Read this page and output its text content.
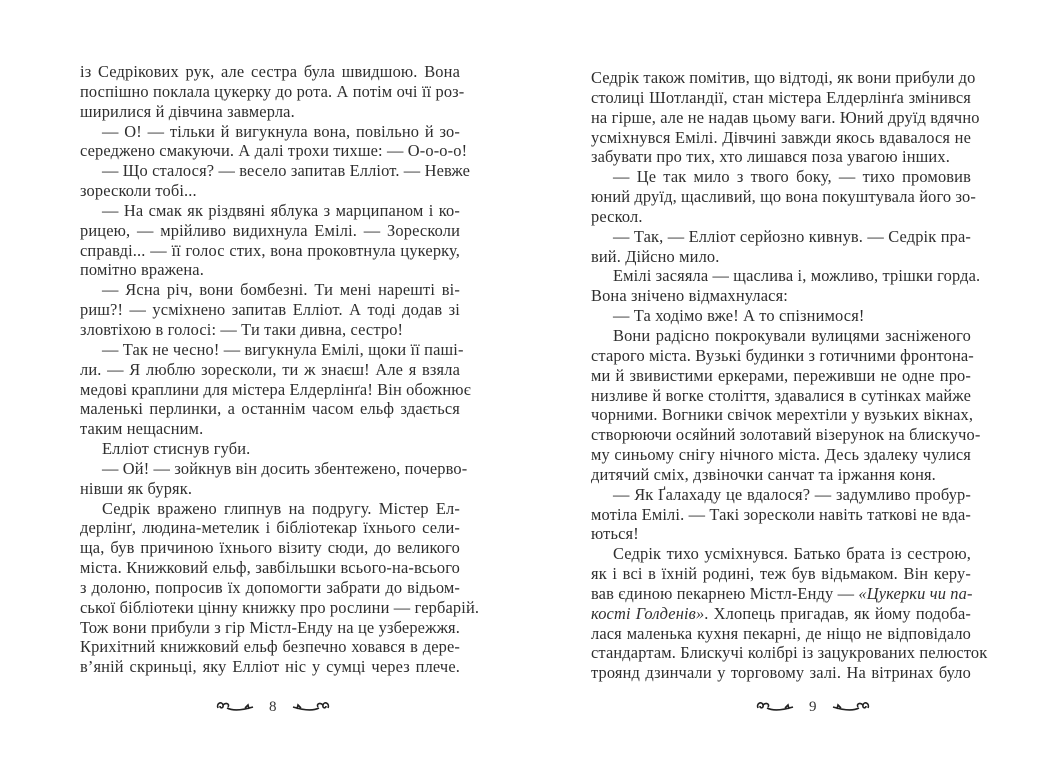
із Седрікових рук, але сестра була швидшою. Вона
поспішно поклала цукерку до рота. А потім очі її роз-
ширилися й дівчина завмерла.
— О! — тільки й вигукнула вона, повільно й зо-
середжено смакуючи. А далі трохи тихше: — О-о-о-о!
— Що сталося? — весело запитав Елліот. — Невже
зоресколи тобі...
— На смак як різдвяні яблука з марципаном і ко-
рицею, — мрійливо видихнула Емілі. — Зоресколи
справді... — її голос стих, вона проковтнула цукерку,
помітно вражена.
— Ясна річ, вони бомбезні. Ти мені нарешті ві-
риш?! — усміхнено запитав Елліот. А тоді додав зі
зловтіхою в голосі: — Ти таки дивна, сестро!
— Так не чесно! — вигукнула Емілі, щоки її паші-
ли. — Я люблю зоресколи, ти ж знаєш! Але я взяла
медові краплини для містера Елдерлінґа! Він обожнює
маленькі перлинки, а останнім часом ельф здається
таким нещасним.
Елліот стиснув губи.
— Ой! — зойкнув він досить збентежено, почерво-
нівши як буряк.
Седрік вражено глипнув на подругу. Містер Ел-
дерлінґ, людина-метелик і бібліотекар їхнього сели-
ща, був причиною їхнього візиту сюди, до великого
міста. Книжковий ельф, завбільшки всього-на-всього
з долоню, попросив їх допомогти забрати до відьом-
ської бібліотеки цінну книжку про рослини — гербарій.
Тож вони прибули з гір Містл-Енду на це узбережжя.
Крихітний книжковий ельф безпечно ховався в дере-
в’яній скриньці, яку Елліот ніс у сумці через плече.
8
Седрік також помітив, що відтоді, як вони прибули до
столиці Шотландії, стан містера Елдерлінґа змінився
на гірше, але не надав цьому ваги. Юний друїд вдячно
усміхнувся Емілі. Дівчині завжди якось вдавалося не
забувати про тих, хто лишався поза увагою інших.
— Це так мило з твого боку, — тихо промовив
юний друїд, щасливий, що вона покуштувала його зо-
рескол.
— Так, — Елліот серйозно кивнув. — Седрік пра-
вий. Дійсно мило.
Емілі засяяла — щаслива і, можливо, трішки горда.
Вона знічено відмахнулася:
— Та ходімо вже! А то спізнимося!
Вони радісно покрокували вулицями засніженого
старого міста. Вузькі будинки з готичними фронтона-
ми й звивистими еркерами, переживши не одне про-
низливе й вогке століття, здавалися в сутінках майже
чорними. Вогники свічок мерехтіли у вузьких вікнах,
створюючи осяйний золотавий візерунок на блискучо-
му синьому снігу нічного міста. Десь здалеку чулися
дитячий сміх, дзвіночки санчат та іржання коня.
— Як Ґалахаду це вдалося? — задумливо пробур-
мотіла Емілі. — Такі зоресколи навіть таткові не вда-
ються!
Седрік тихо усміхнувся. Батько брата із сестрою,
як і всі в їхній родині, теж був відьмаком. Він керу-
вав єдиною пекарнею Містл-Енду — «Цукерки чи па-
кості Голденів». Хлопець пригадав, як йому подоба-
лася маленька кухня пекарні, де ніщо не відповідало
стандартам. Блискучі колібрі із зацукрованих пелюсток
троянд дзинчали у торговому залі. На вітринах було
9
